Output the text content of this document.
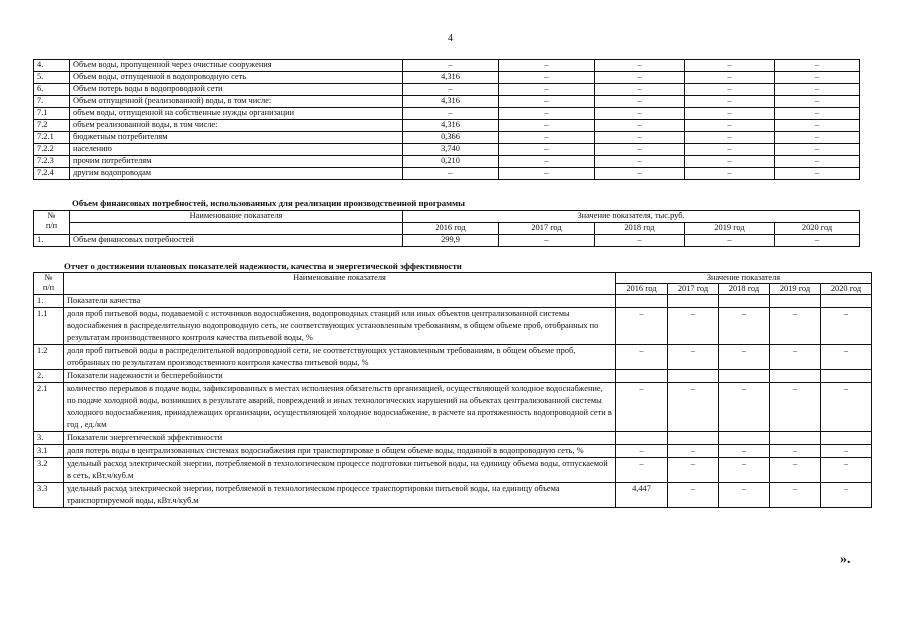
4
4.	Объем воды, пропущенной через очистные сооружения	–	–	–	–	–
5.	Объем воды, отпущенной в водопроводную сеть	4,316	–	–	–	–
6.	Объем потерь воды в водопроводной сети	–	–	–	–	–
7.	Объем отпущенной (реализованной) воды, в том числе:	4,316	–	–	–	–
7.1	объем воды, отпущенной на собственные нужды организации	–	–	–	–	–
7.2	объем реализованной воды, в том числе:	4,316	–	–	–	–
7.2.1	бюджетным потребителям	0,366	–	–	–	–
7.2.2	населению	3,740	–	–	–	–
7.2.3	прочим потребителям	0,210	–	–	–	–
7.2.4	другим водопроводам	–	–	–	–	–
Объем финансовых потребностей, использованных для реализации производственной программы
№
п/п	Наименование показателя	Значение показателя, тыс.руб.				
		2016 год	2017 год	2018 год	2019 год	2020 год
1.	Объем финансовых потребностей	299,9	–	–	–	–
Отчет о достижении плановых показателей надежности, качества и энергетической эффективности
№
п/п	Наименование показателя	Значение показателя				
		2016 год	2017 год	2018 год	2019 год	2020 год
1.	Показатели качества					
1.1	доля проб питьевой воды, подаваемой с источников водоснабжения, водопроводных станций или иных объектов централизованной системы водоснабжения в распределительную водопроводную сеть, не соответствующих установленным требованиям, в общем объеме проб, отобранных по результатам производственного контроля качества питьевой воды, %	–	–	–	–	–
1.2	доля проб питьевой воды в распределительной водопроводной сети, не соответствующих установленным требованиям, в общем объеме проб, отобранных по результатам производственного контроля качества питьевой воды, %	–	–	–	–	–
2.	Показатели надежности и бесперебойности					
2.1	количество перерывов в подаче воды, зафиксированных в местах исполнения обязательств организацией, осуществляющей холодное водоснабжение, по подаче холодной воды, возникших в результате аварий, повреждений и иных технологических нарушений на объектах централизованной системы холодного водоснабжения, принадлежащих организации, осуществляющей холодное водоснабжение, в расчете на протяженность водопроводной сети в год , ед./км	–	–	–	–	–
3.	Показатели энергетической эффективности					
3.1	доля потерь воды в централизованных системах водоснабжения при транспортировке в общем объеме воды, поданной в водопроводную сеть, %	–	–	–	–	–
3.2	удельный расход электрической энергии, потребляемой в технологическом процессе подготовки питьевой воды, на единицу объема воды, отпускаемой в сеть, кВт.ч/куб.м	–	–	–	–	–
3.3	удельный расход электрической энергии, потребляемой в технологическом процессе транспортировки питьевой воды, на единицу объема транспортируемой воды, кВт.ч/куб.м	4,447	–	–	–	–
».
